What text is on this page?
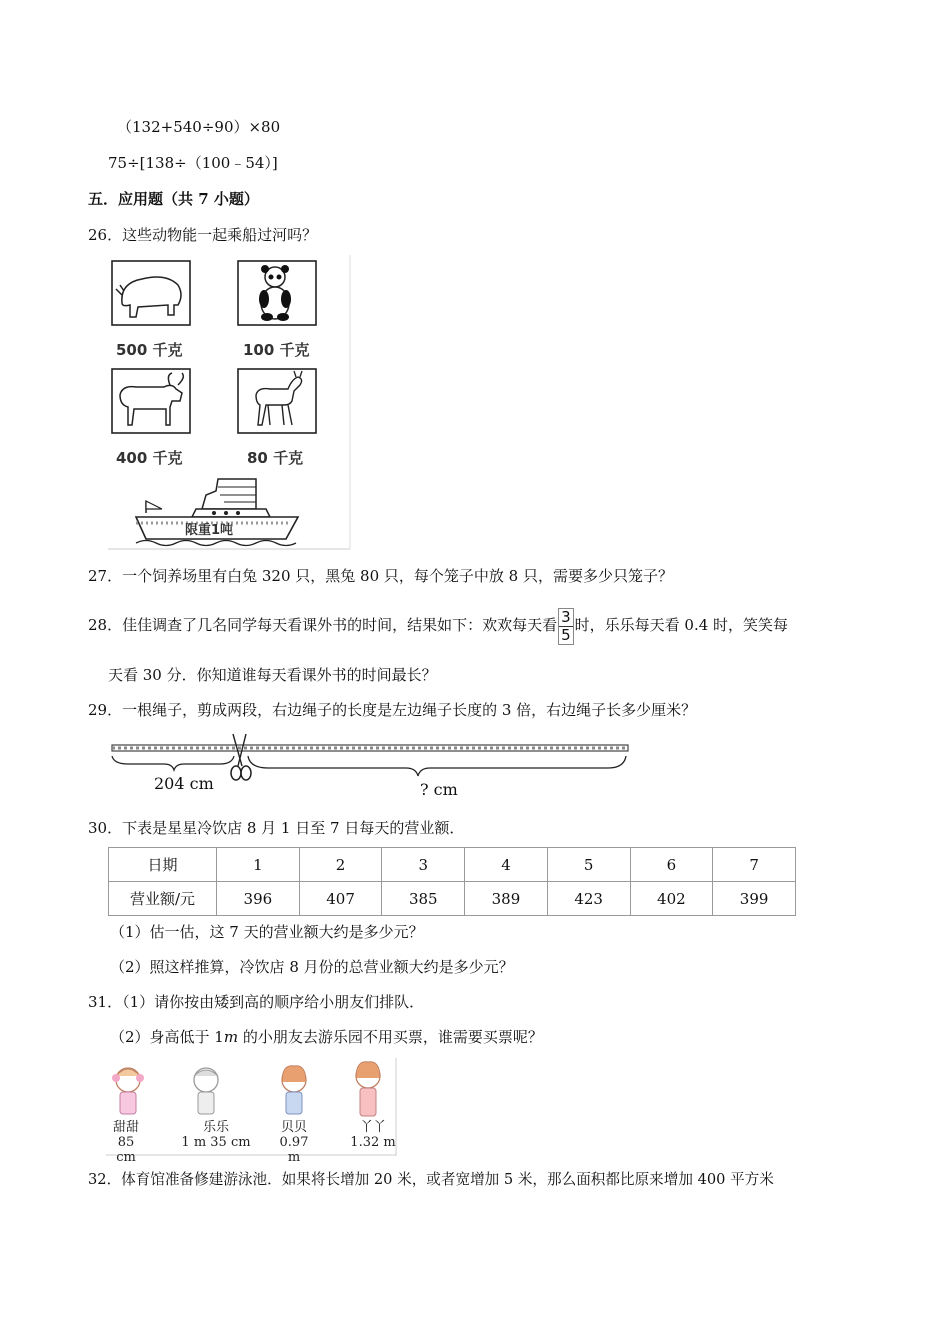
（132+540÷90）×80
75÷[138÷（100﹣54）]
五．应用题（共 7 小题）
26．这些动物能一起乘船过河吗？
500 千克	100 千克
400 千克	80 千克
限重1吨
27．一个饲养场里有白兔 320 只，黑兔 80 只，每个笼子中放 8 只，需要多少只笼子？
28．佳佳调查了几名同学每天看课外书的时间，结果如下：欢欢每天看 $\frac{3}{5}$ 时，乐乐每天看 0.4 时，笑笑每
天看 30 分．你知道谁每天看课外书的时间最长？
29．一根绳子，剪成两段，右边绳子的长度是左边绳子长度的 3 倍，右边绳子长多少厘米？
204 cm	? cm
30．下表是星星冷饮店 8 月 1 日至 7 日每天的营业额．
日期	1	2	3	4	5	6	7
营业额/元	396	407	385	389	423	402	399
（1）估一估，这 7 天的营业额大约是多少元？
（2）照这样推算，冷饮店 8 月份的总营业额大约是多少元？
31．（1）请你按由矮到高的顺序给小朋友们排队．
（2）身高低于 1m 的小朋友去游乐园不用买票，谁需要买票呢？
甜甜
85 cm
乐乐
1 m 35 cm
贝贝
0.97 m
丫丫
1.32 m
32．体育馆准备修建游泳池．如果将长增加 20 米，或者宽增加 5 米，那么面积都比原来增加 400 平方米
